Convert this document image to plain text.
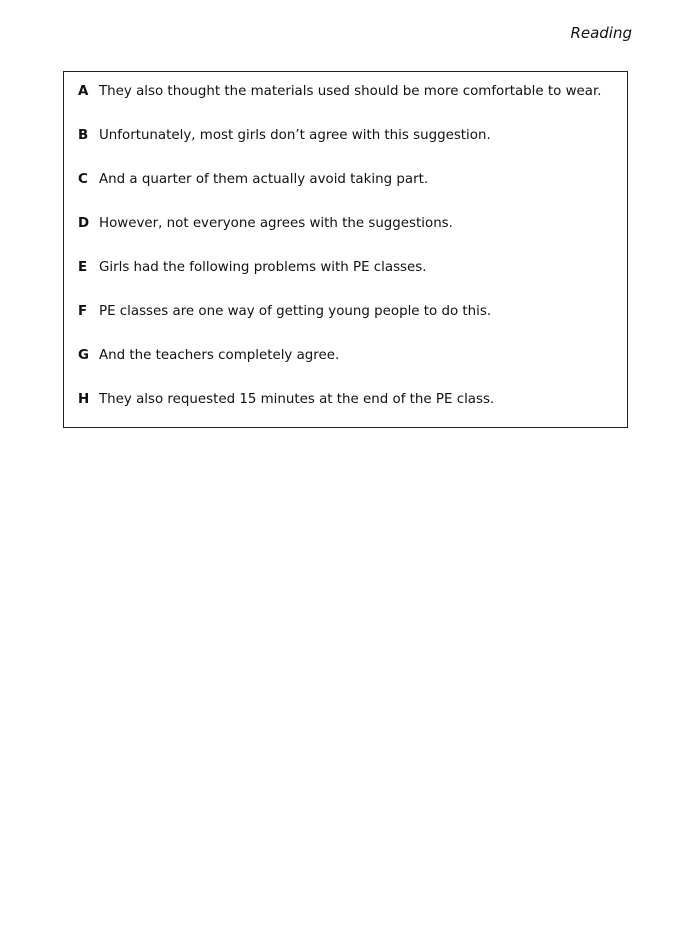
Reading
A They also thought the materials used should be more comfortable to wear.
B Unfortunately, most girls don’t agree with this suggestion.
C And a quarter of them actually avoid taking part.
D However, not everyone agrees with the suggestions.
E Girls had the following problems with PE classes.
F PE classes are one way of getting young people to do this.
G And the teachers completely agree.
H They also requested 15 minutes at the end of the PE class.
